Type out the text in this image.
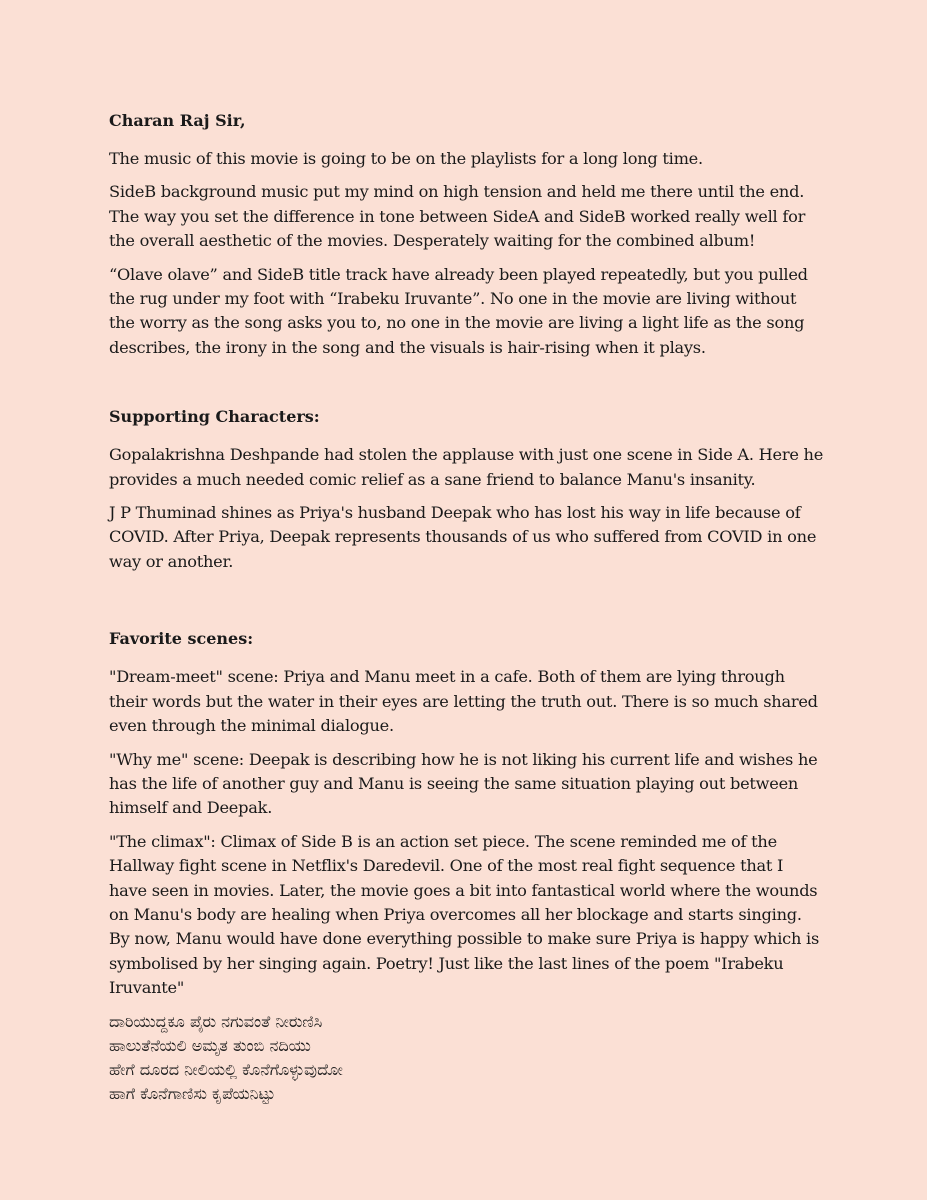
Charan Raj Sir,

The music of this movie is going to be on the playlists for a long long time.

SideB background music put my mind on high tension and held me there until the end. The way you set the difference in tone between SideA and SideB worked really well for the overall aesthetic of the movies. Desperately waiting for the combined album!

“Olave olave” and SideB title track have already been played repeatedly, but you pulled the rug under my foot with “Irabeku Iruvante”. No one in the movie are living without the worry as the song asks you to, no one in the movie are living a light life as the song describes, the irony in the song and the visuals is hair-rising when it plays.

Supporting Characters:

Gopalakrishna Deshpande had stolen the applause with just one scene in Side A. Here he provides a much needed comic relief as a sane friend to balance Manu's insanity.

J P Thuminad shines as Priya's husband Deepak who has lost his way in life because of COVID. After Priya, Deepak represents thousands of us who suffered from COVID in one way or another.

Favorite scenes:

"Dream-meet" scene: Priya and Manu meet in a cafe. Both of them are lying through their words but the water in their eyes are letting the truth out. There is so much shared even through the minimal dialogue.

"Why me" scene: Deepak is describing how he is not liking his current life and wishes he has the life of another guy and Manu is seeing the same situation playing out between himself and Deepak.

"The climax": Climax of Side B is an action set piece. The scene reminded me of the Hallway fight scene in Netflix's Daredevil. One of the most real fight sequence that I have seen in movies. Later, the movie goes a bit into fantastical world where the wounds on Manu's body are healing when Priya overcomes all her blockage and starts singing. By now, Manu would have done everything possible to make sure Priya is happy which is symbolised by her singing again. Poetry! Just like the last lines of the poem "Irabeku Iruvante"

ದಾರಿಯುದ್ದಕೂ ಪೈರು ನಗುವಂತೆ ನೀರುಣಿಸಿ

ಹಾಲುತೆನೆಯಲಿ ಅಮೃತ ತುಂಬಿ ನದಿಯು

ಹೇಗೆ ದೂರದ ನೀಲಿಯಲ್ಲಿ ಕೊನೆಗೊಳ್ಳುವುದೋ

ಹಾಗೆ ಕೊನೆಗಾಣಿಸು ಕೃಪೆಯನಿಟ್ಟು
